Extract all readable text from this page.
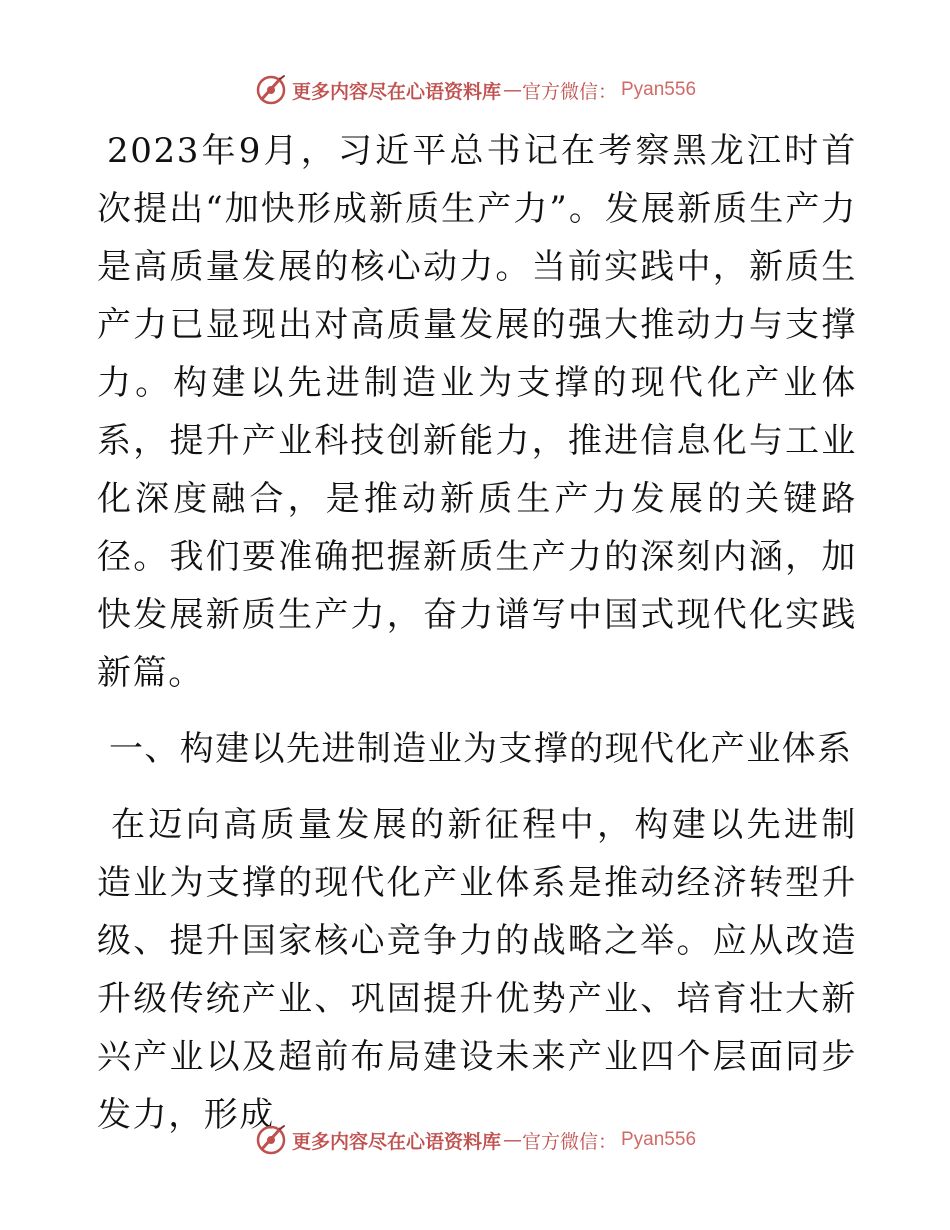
更多内容尽在心语资料库 — 官方微信： Pyan556

2023年9月，习近平总书记在考察黑龙江时首次提出“加快形成新质生产力”。发展新质生产力是高质量发展的核心动力。当前实践中，新质生产力已显现出对高质量发展的强大推动力与支撑力。构建以先进制造业为支撑的现代化产业体系，提升产业科技创新能力，推进信息化与工业化深度融合，是推动新质生产力发展的关键路径。我们要准确把握新质生产力的深刻内涵，加快发展新质生产力，奋力谱写中国式现代化实践新篇。

一、构建以先进制造业为支撑的现代化产业体系

在迈向高质量发展的新征程中，构建以先进制造业为支撑的现代化产业体系是推动经济转型升级、提升国家核心竞争力的战略之举。应从改造升级传统产业、巩固提升优势产业、培育壮大新兴产业以及超前布局建设未来产业四个层面同步发力，形成

更多内容尽在心语资料库 — 官方微信： Pyan556
